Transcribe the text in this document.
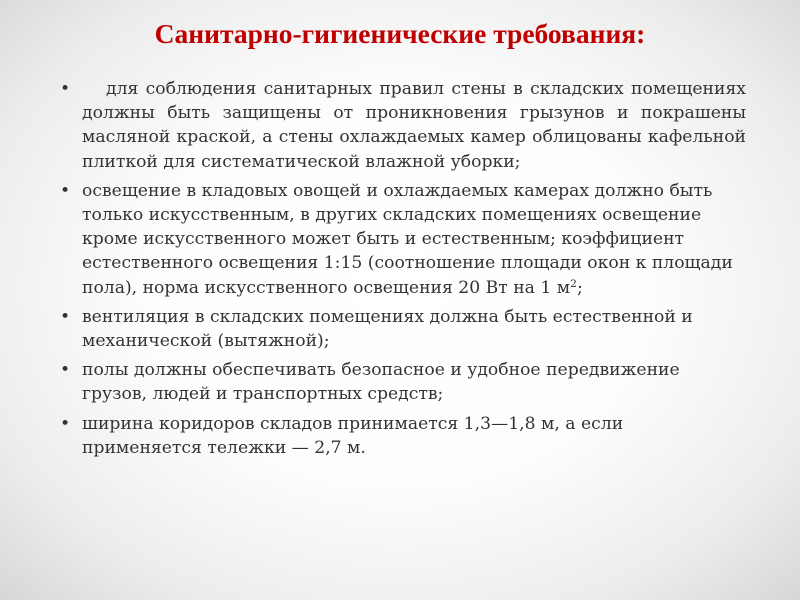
Санитарно-гигиенические требования:
• для соблюдения санитарных правил стены в складских помещениях должны быть защищены от проникновения грызунов и покрашены масляной краской, а стены охлаждаемых камер облицованы кафельной плиткой для систематической влажной уборки;
• освещение в кладовых овощей и охлаждаемых камерах должно быть только искусственным, в других складских помещениях освещение кроме искусственного может быть и естественным; коэффициент естественного освещения 1:15 (соотношение площади окон к площади пола), норма искусственного освещения 20 Вт на 1 $м^2$;
• вентиляция в складских помещениях должна быть естественной и механической (вытяжной);
• полы должны обеспечивать безопасное и удобное передвижение грузов, людей и транспортных средств;
• ширина коридоров складов принимается 1,3—1,8 м, а если применяется тележки — 2,7 м.
